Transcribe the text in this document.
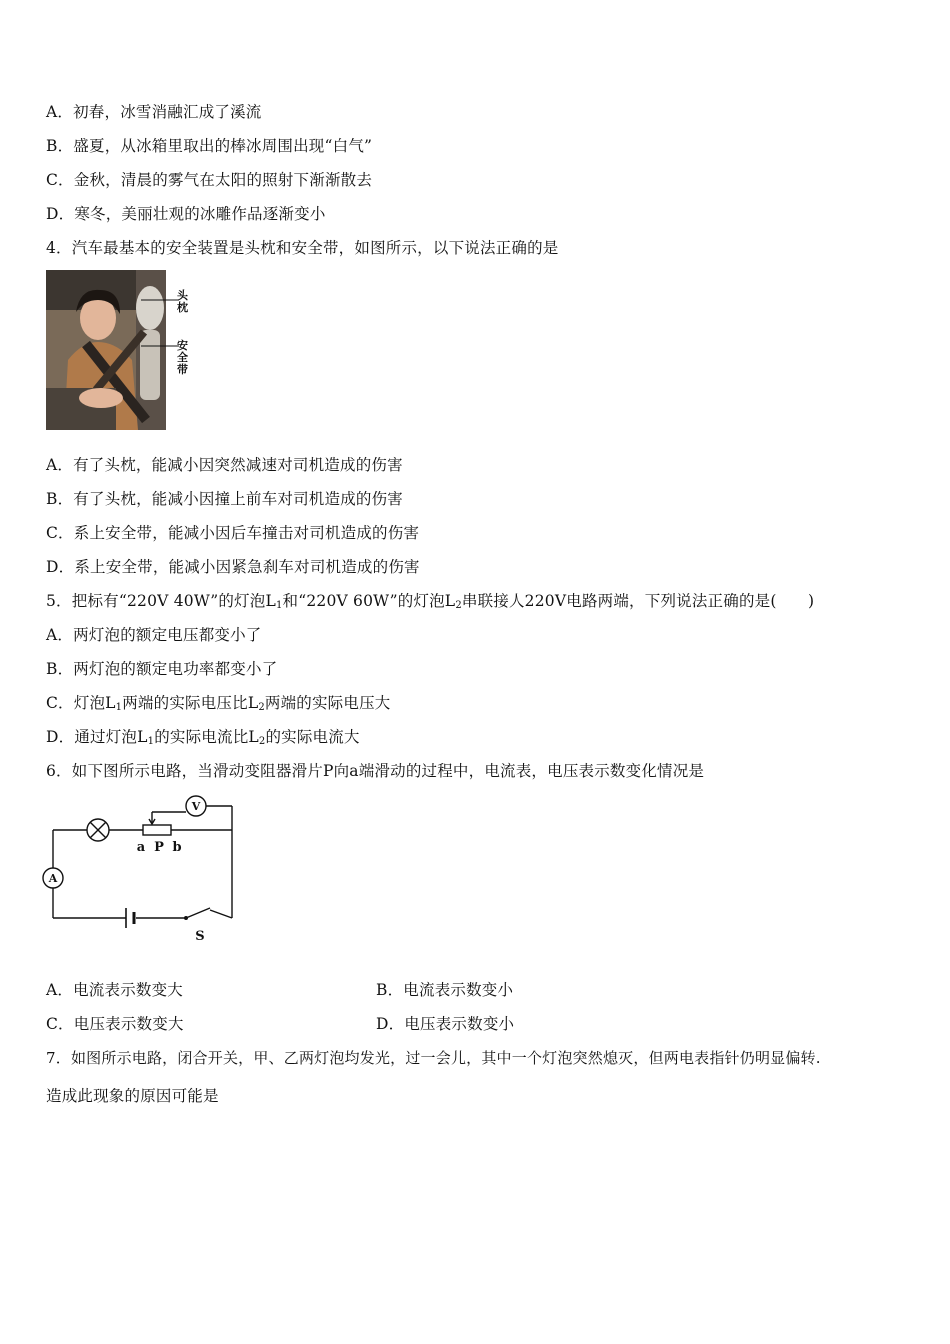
A．初春，冰雪消融汇成了溪流
B．盛夏，从冰箱里取出的棒冰周围出现“白气”
C．金秋，清晨的雾气在太阳的照射下渐渐散去
D．寒冬，美丽壮观的冰雕作品逐渐变小
4．汽车最基本的安全装置是头枕和安全带，如图所示，以下说法正确的是
头枕
安全带
A．有了头枕，能减小因突然减速对司机造成的伤害
B．有了头枕，能减小因撞上前车对司机造成的伤害
C．系上安全带，能减小因后车撞击对司机造成的伤害
D．系上安全带，能减小因紧急刹车对司机造成的伤害
5．把标有“220V 40W”的灯泡$L_1$和“220V 60W”的灯泡$L_2$串联接人220V电路两端，下列说法正确的是(　　)
A．两灯泡的额定电压都变小了
B．两灯泡的额定电功率都变小了
C．灯泡$L_1$两端的实际电压比$L_2$两端的实际电压大
D．通过灯泡$L_1$的实际电流比$L_2$的实际电流大
6．如下图所示电路，当滑动变阻器滑片P向a端滑动的过程中，电流表，电压表示数变化情况是
V
A
a P b
S
A．电流表示数变大	B．电流表示数变小
C．电压表示数变大	D．电压表示数变小
7．如图所示电路，闭合开关，甲、乙两灯泡均发光，过一会儿，其中一个灯泡突然熄灭，但两电表指针仍明显偏转.
造成此现象的原因可能是
